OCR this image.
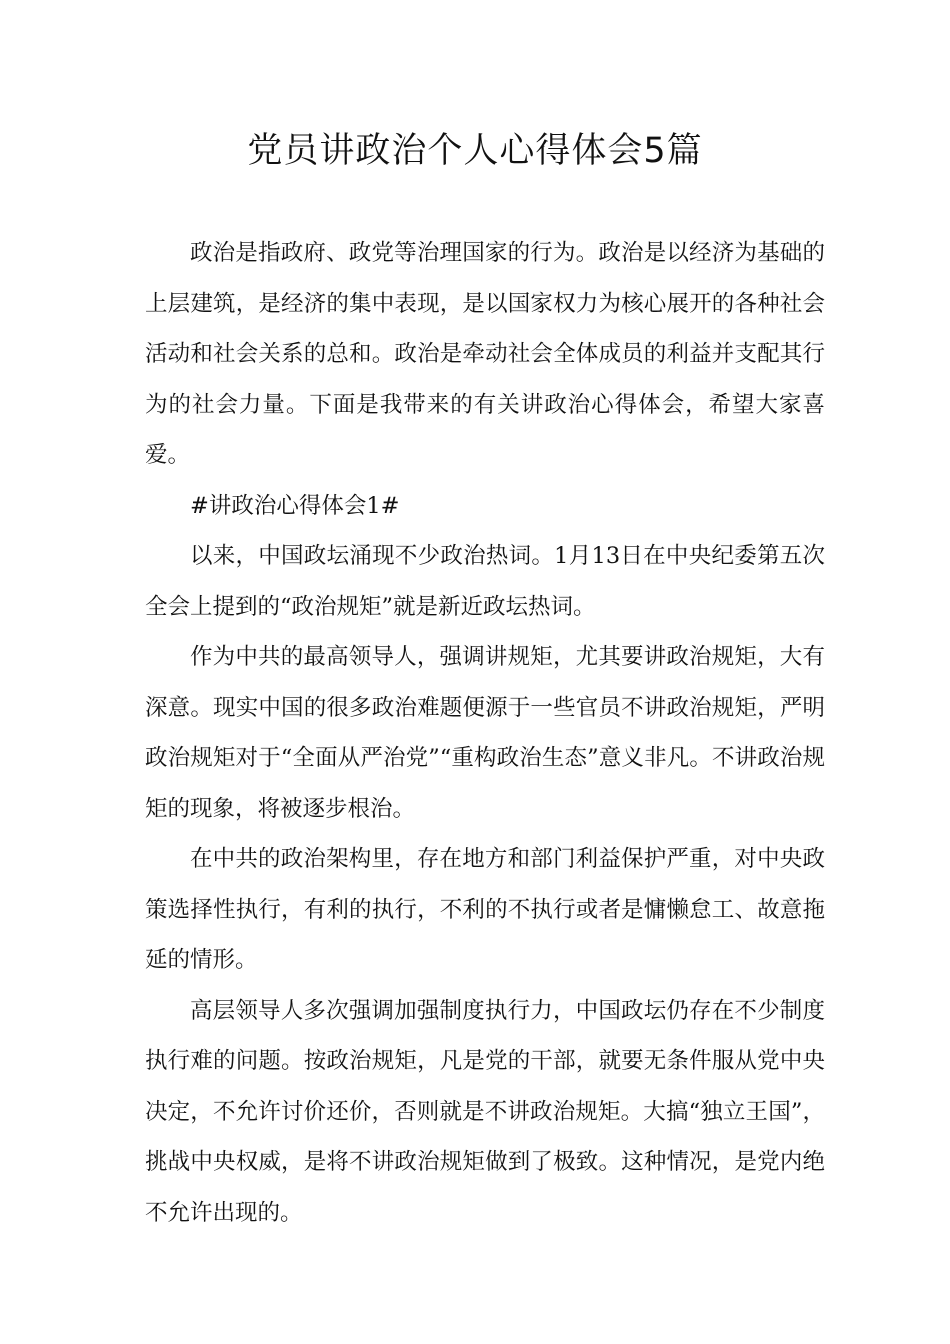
党员讲政治个人心得体会5篇

政治是指政府、政党等治理国家的行为。政治是以经济为基础的上层建筑，是经济的集中表现，是以国家权力为核心展开的各种社会活动和社会关系的总和。政治是牵动社会全体成员的利益并支配其行为的社会力量。下面是我带来的有关讲政治心得体会，希望大家喜爱。

#讲政治心得体会1#

以来，中国政坛涌现不少政治热词。1月13日在中央纪委第五次全会上提到的“政治规矩”就是新近政坛热词。

作为中共的最高领导人，强调讲规矩，尤其要讲政治规矩，大有深意。现实中国的很多政治难题便源于一些官员不讲政治规矩，严明政治规矩对于“全面从严治党”“重构政治生态”意义非凡。不讲政治规矩的现象，将被逐步根治。

在中共的政治架构里，存在地方和部门利益保护严重，对中央政策选择性执行，有利的执行，不利的不执行或者是慵懒怠工、故意拖延的情形。

高层领导人多次强调加强制度执行力，中国政坛仍存在不少制度执行难的问题。按政治规矩，凡是党的干部，就要无条件服从党中央决定，不允许讨价还价，否则就是不讲政治规矩。大搞“独立王国”，挑战中央权威，是将不讲政治规矩做到了极致。这种情况，是党内绝不允许出现的。
